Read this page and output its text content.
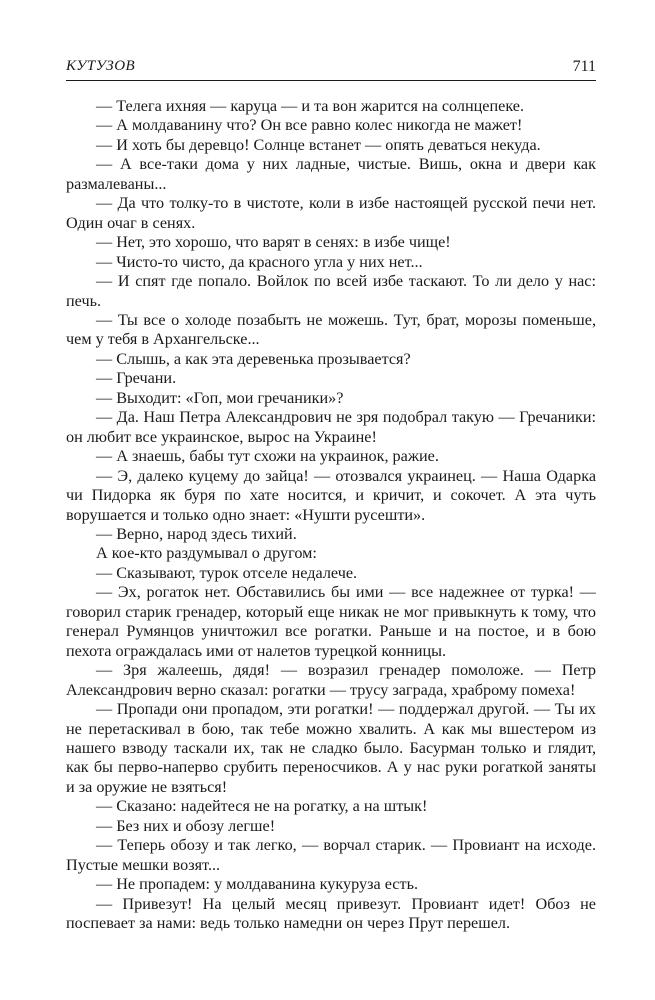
КУТУЗОВ	711

— Телега ихняя — каруца — и та вон жарится на солнцепеке.

— А молдаванину что? Он все равно колес никогда не мажет!

— И хоть бы деревцо! Солнце встанет — опять деваться некуда.

— А все-таки дома у них ладные, чистые. Вишь, окна и двери как размалеваны...

— Да что толку-то в чистоте, коли в избе настоящей русской печи нет. Один очаг в сенях.

— Нет, это хорошо, что варят в сенях: в избе чище!

— Чисто-то чисто, да красного угла у них нет...

— И спят где попало. Войлок по всей избе таскают. То ли дело у нас: печь.

— Ты все о холоде позабыть не можешь. Тут, брат, морозы поменьше, чем у тебя в Архангельске...

— Слышь, а как эта деревенька прозывается?

— Гречани.

— Выходит: «Гоп, мои гречаники»?

— Да. Наш Петра Александрович не зря подобрал такую — Гречаники: он любит все украинское, вырос на Украине!

— А знаешь, бабы тут схожи на украинок, ражие.

— Э, далеко куцему до зайца! — отозвался украинец. — Наша Одарка чи Пидорка як буря по хате носится, и кричит, и сокочет. А эта чуть ворушается и только одно знает: «Нушти русешти».

— Верно, народ здесь тихий.

А кое-кто раздумывал о другом:

— Сказывают, турок отселе недалече.

— Эх, рогаток нет. Обставились бы ими — все надежнее от турка! — говорил старик гренадер, который еще никак не мог привыкнуть к тому, что генерал Румянцов уничтожил все рогатки. Раньше и на постое, и в бою пехота ограждалась ими от налетов турецкой конницы.

— Зря жалеешь, дядя! — возразил гренадер помоложе. — Петр Александрович верно сказал: рогатки — трусу заграда, храброму помеха!

— Пропади они пропадом, эти рогатки! — поддержал другой. — Ты их не перетаскивал в бою, так тебе можно хвалить. А как мы вшестером из нашего взводу таскали их, так не сладко было. Басурман только и глядит, как бы перво-наперво срубить переносчиков. А у нас руки рогаткой заняты и за оружие не взяться!

— Сказано: надейтеся не на рогатку, а на штык!

— Без них и обозу легше!

— Теперь обозу и так легко, — ворчал старик. — Провиант на исходе. Пустые мешки возят...

— Не пропадем: у молдаванина кукуруза есть.

— Привезут! На целый месяц привезут. Провиант идет! Обоз не поспевает за нами: ведь только намедни он через Прут перешел.
